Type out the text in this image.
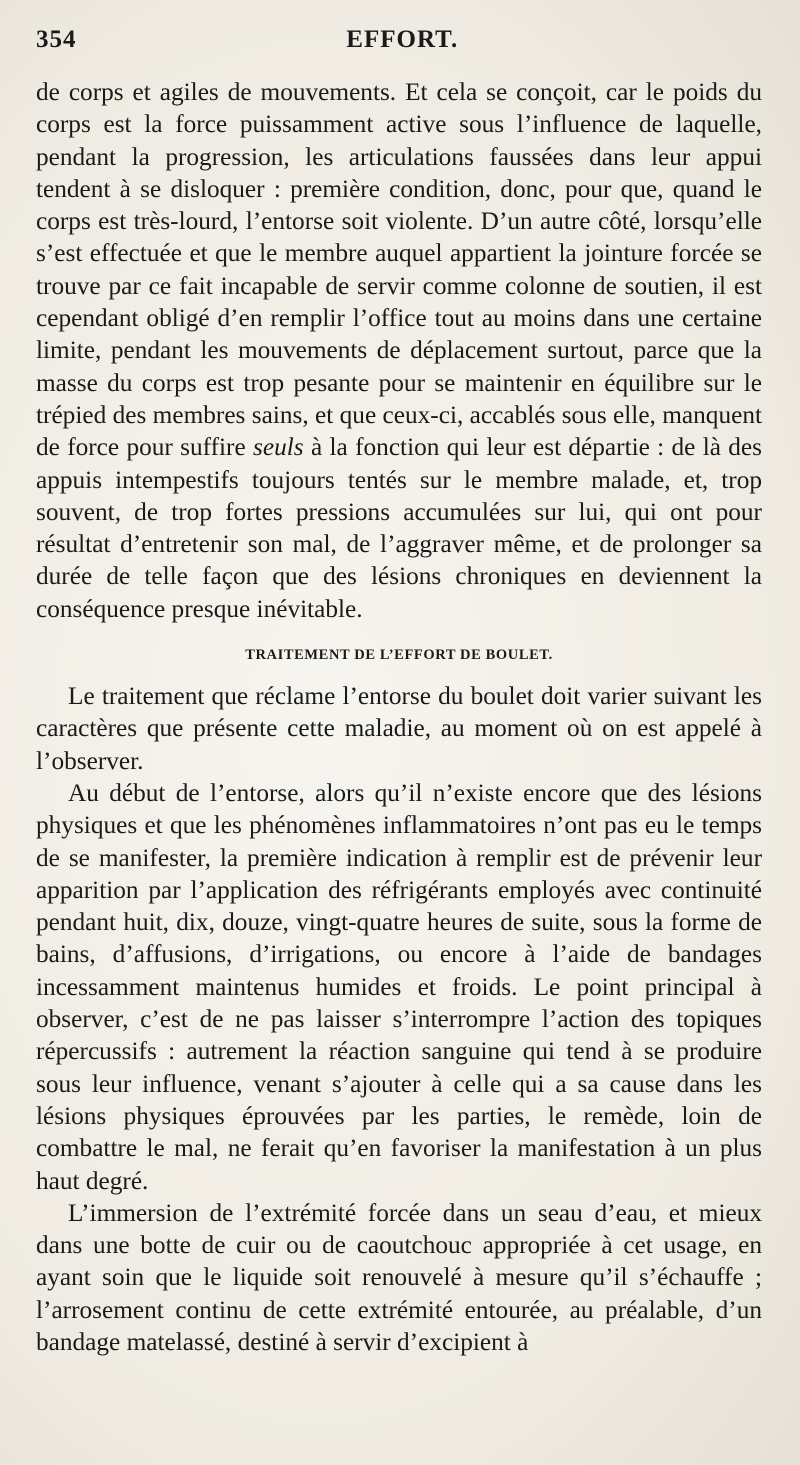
354	EFFORT.

de corps et agiles de mouvements. Et cela se conçoit, car le poids du corps est la force puissamment active sous l’influence de laquelle, pendant la progression, les articulations faussées dans leur appui tendent à se disloquer : première condition, donc, pour que, quand le corps est très-lourd, l’entorse soit violente. D’un autre côté, lorsqu’elle s’est effectuée et que le membre auquel appartient la jointure forcée se trouve par ce fait incapable de servir comme colonne de soutien, il est cependant obligé d’en remplir l’office tout au moins dans une certaine limite, pendant les mouvements de déplacement surtout, parce que la masse du corps est trop pesante pour se maintenir en équilibre sur le trépied des membres sains, et que ceux-ci, accablés sous elle, manquent de force pour suffire seuls à la fonction qui leur est départie : de là des appuis intempestifs toujours tentés sur le membre malade, et, trop souvent, de trop fortes pressions accumulées sur lui, qui ont pour résultat d’entretenir son mal, de l’aggraver même, et de prolonger sa durée de telle façon que des lésions chroniques en deviennent la conséquence presque inévitable.

TRAITEMENT DE L’EFFORT DE BOULET.

Le traitement que réclame l’entorse du boulet doit varier suivant les caractères que présente cette maladie, au moment où on est appelé à l’observer.

Au début de l’entorse, alors qu’il n’existe encore que des lésions physiques et que les phénomènes inflammatoires n’ont pas eu le temps de se manifester, la première indication à remplir est de prévenir leur apparition par l’application des réfrigérants employés avec continuité pendant huit, dix, douze, vingt-quatre heures de suite, sous la forme de bains, d’affusions, d’irrigations, ou encore à l’aide de bandages incessamment maintenus humides et froids. Le point principal à observer, c’est de ne pas laisser s’interrompre l’action des topiques répercussifs : autrement la réaction sanguine qui tend à se produire sous leur influence, venant s’ajouter à celle qui a sa cause dans les lésions physiques éprouvées par les parties, le remède, loin de combattre le mal, ne ferait qu’en favoriser la manifestation à un plus haut degré.

L’immersion de l’extrémité forcée dans un seau d’eau, et mieux dans une botte de cuir ou de caoutchouc appropriée à cet usage, en ayant soin que le liquide soit renouvelé à mesure qu’il s’échauffe ; l’arrosement continu de cette extrémité entourée, au préalable, d’un bandage matelassé, destiné à servir d’excipient à
